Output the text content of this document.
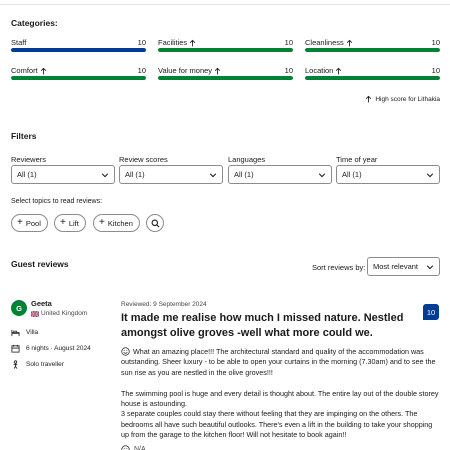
Categories:
Staff	10 Facilities	10 Cleanliness	10
Comfort	10 Value for money	10 Location	10
High score for Lithakia
Filters
Reviewers	Review scores	Languages	Time of year
All (1)	All (1)	All (1)	All (1)
Select topics to read reviews:
+ Pool + Lift + Kitchen
Guest reviews	Sort reviews by: Most relevant
G	Geeta
United Kingdom
Villa
6 nights · August 2024
Solo traveller
Reviewed: 9 September 2024
It made me realise how much I missed nature. Nestled amongst olive groves -well what more could we.
10

What an amazing place!!! The architectural standard and quality of the accommodation was outstanding. Sheer luxury - to be able to open your curtains in the morning (7.30am) and to see the sun rise as you are nestled in the olive groves!!!

The swimming pool is huge and every detail is thought about. The entire lay out of the double storey house is astounding.

3 separate couples could stay there without feeling that they are impinging on the others. The bedrooms all have such beautiful outlooks. There's even a lift in the building to take your shopping up from the garage to the kitchen floor! Will not hesitate to book again!!

N/A
